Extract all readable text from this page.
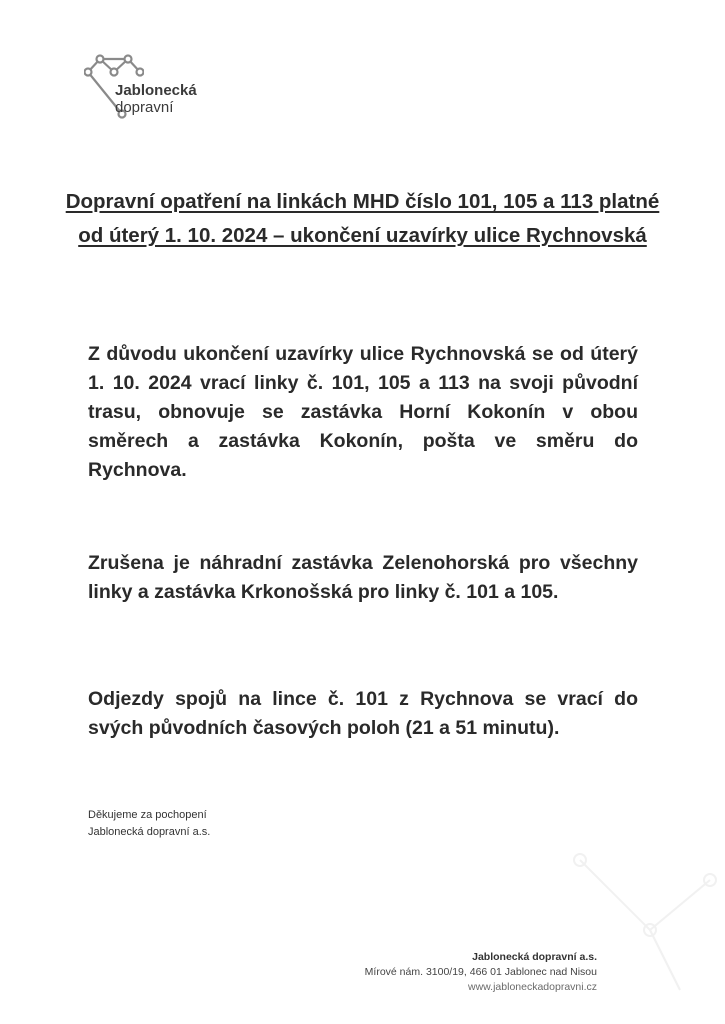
Jablonecká
dopravní
Dopravní opatření na linkách MHD číslo 101, 105 a 113 platné od úterý 1. 10. 2024 – ukončení uzavírky ulice Rychnovská
Z důvodu ukončení uzavírky ulice Rychnovská se od úterý 1. 10. 2024 vrací linky č. 101, 105 a 113 na svoji původní trasu, obnovuje se zastávka Horní Kokonín v obou směrech a zastávka Kokonín, pošta ve směru do Rychnova.
Zrušena je náhradní zastávka Zelenohorská pro všechny linky a zastávka Krkonošská pro linky č. 101 a 105.
Odjezdy spojů na lince č. 101 z Rychnova se vrací do svých původních časových poloh (21 a 51 minutu).
Děkujeme za pochopení
Jablonecká dopravní a.s.
Jablonecká dopravní a.s.
Mírové nám. 3100/19, 466 01 Jablonec nad Nisou
www.jabloneckadopravni.cz
